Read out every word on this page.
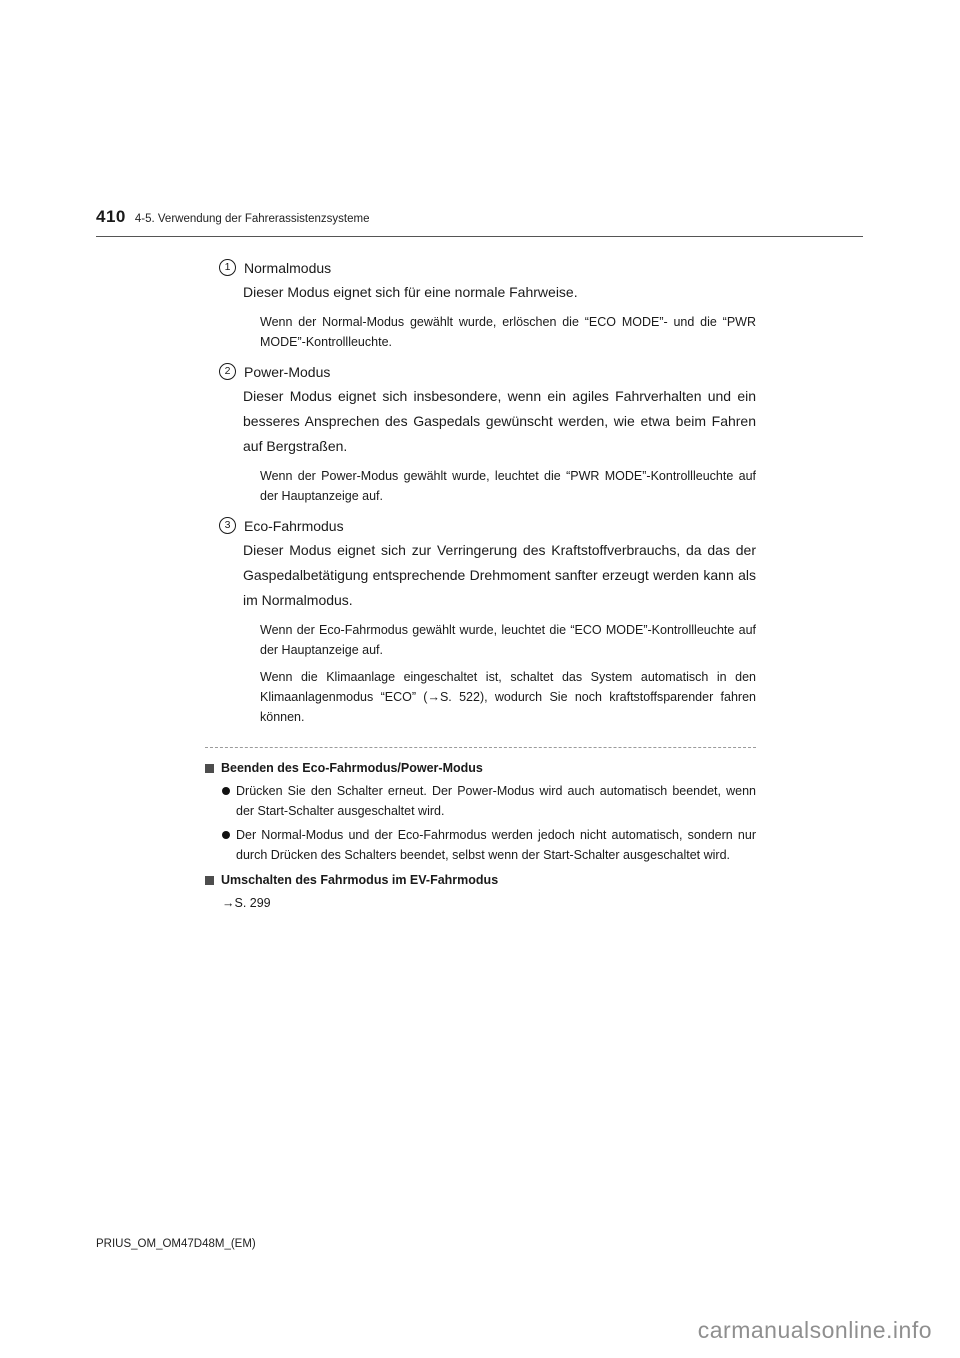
410 4-5. Verwendung der Fahrerassistenzsysteme
1 Normalmodus

Dieser Modus eignet sich für eine normale Fahrweise.

Wenn der Normal-Modus gewählt wurde, erlöschen die “ECO MODE”- und die “PWR MODE”-Kontrollleuchte.

2 Power-Modus

Dieser Modus eignet sich insbesondere, wenn ein agiles Fahrverhalten und ein besseres Ansprechen des Gaspedals gewünscht werden, wie etwa beim Fahren auf Bergstraßen.

Wenn der Power-Modus gewählt wurde, leuchtet die “PWR MODE”-Kontrollleuchte auf der Hauptanzeige auf.

3 Eco-Fahrmodus

Dieser Modus eignet sich zur Verringerung des Kraftstoffverbrauchs, da das der Gaspedalbetätigung entsprechende Drehmoment sanfter erzeugt werden kann als im Normalmodus.

Wenn der Eco-Fahrmodus gewählt wurde, leuchtet die “ECO MODE”-Kontrollleuchte auf der Hauptanzeige auf.

Wenn die Klimaanlage eingeschaltet ist, schaltet das System automatisch in den Klimaanlagenmodus “ECO” (→S. 522), wodurch Sie noch kraftstoffsparender fahren können.

Beenden des Eco-Fahrmodus/Power-Modus

Drücken Sie den Schalter erneut. Der Power-Modus wird auch automatisch beendet, wenn der Start-Schalter ausgeschaltet wird.

Der Normal-Modus und der Eco-Fahrmodus werden jedoch nicht automatisch, sondern nur durch Drücken des Schalters beendet, selbst wenn der Start-Schalter ausgeschaltet wird.

Umschalten des Fahrmodus im EV-Fahrmodus

→S. 299

PRIUS_OM_OM47D48M_(EM)
carmanualsonline.info
